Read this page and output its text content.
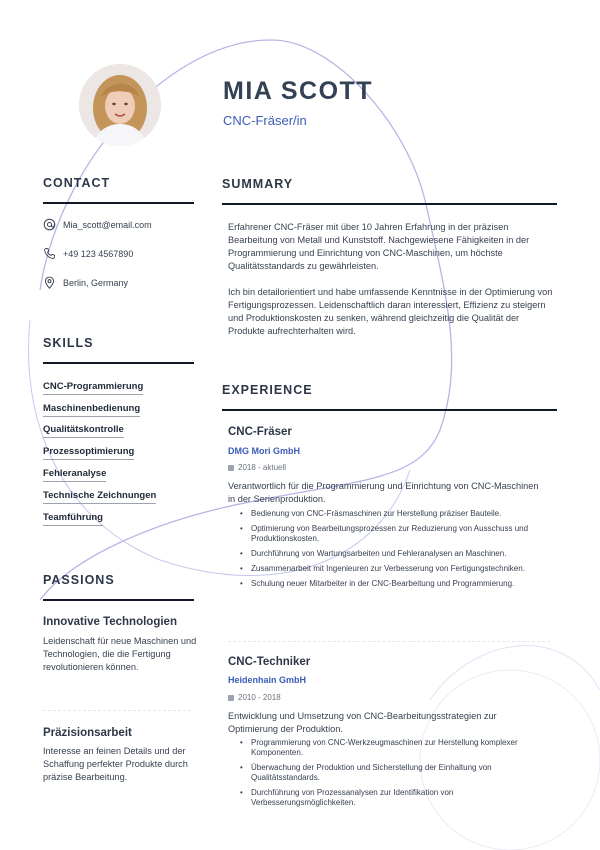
MIA SCOTT

CNC-Fräser/in

CONTACT
Mia_scott@email.com
+49 123 4567890
Berlin, Germany
SKILLS
CNC-Programmierung
Maschinenbedienung
Qualitätskontrolle
Prozessoptimierung
Fehleranalyse
Technische Zeichnungen
Teamführung
PASSIONS
Innovative Technologien

Leidenschaft für neue Maschinen und Technologien, die die Fertigung revolutionieren können.

Präzisionsarbeit

Interesse an feinen Details und der Schaffung perfekter Produkte durch präzise Bearbeitung.

SUMMARY

Erfahrener CNC-Fräser mit über 10 Jahren Erfahrung in der präzisen Bearbeitung von Metall und Kunststoff. Nachgewiesene Fähigkeiten in der Programmierung und Einrichtung von CNC-Maschinen, um höchste Qualitätsstandards zu gewährleisten.

Ich bin detailorientiert und habe umfassende Kenntnisse in der Optimierung von Fertigungsprozessen. Leidenschaftlich daran interessiert, Effizienz zu steigern und Produktionskosten zu senken, während gleichzeitig die Qualität der Produkte aufrechterhalten wird.

EXPERIENCE
CNC-Fräser

DMG Mori GmbH

2018 - aktuell

Verantwortlich für die Programmierung und Einrichtung von CNC-Maschinen in der Serienproduktion.

• Bedienung von CNC-Fräsmaschinen zur Herstellung präziser Bauteile.
• Optimierung von Bearbeitungsprozessen zur Reduzierung von Ausschuss und Produktionskosten.
• Durchführung von Wartungsarbeiten und Fehleranalysen an Maschinen.
• Zusammenarbeit mit Ingenieuren zur Verbesserung von Fertigungstechniken.
• Schulung neuer Mitarbeiter in der CNC-Bearbeitung und Programmierung.
CNC-Techniker

Heidenhain GmbH

2010 - 2018

Entwicklung und Umsetzung von CNC-Bearbeitungsstrategien zur Optimierung der Produktion.

• Programmierung von CNC-Werkzeugmaschinen zur Herstellung komplexer Komponenten.
• Überwachung der Produktion und Sicherstellung der Einhaltung von Qualitätsstandards.
• Durchführung von Prozessanalysen zur Identifikation von Verbesserungsmöglichkeiten.
